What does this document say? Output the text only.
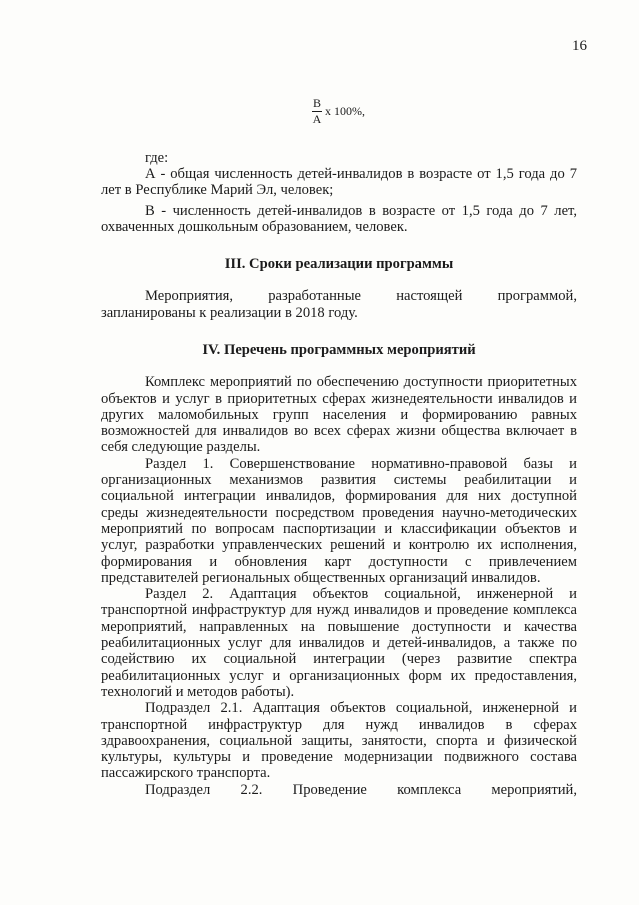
16
$\frac{В}{А}$ x 100%,

где:

А - общая численность детей-инвалидов в возрасте от 1,5 года до 7 лет в Республике Марий Эл, человек;

В - численность детей-инвалидов в возрасте от 1,5 года до 7 лет, охваченных дошкольным образованием, человек.

III. Сроки реализации программы

Мероприятия, разработанные настоящей программой, запланированы к реализации в 2018 году.

IV. Перечень программных мероприятий

Комплекс мероприятий по обеспечению доступности приоритетных объектов и услуг в приоритетных сферах жизнедеятельности инвалидов и других маломобильных групп населения и формированию равных возможностей для инвалидов во всех сферах жизни общества включает в себя следующие разделы.

Раздел 1. Совершенствование нормативно-правовой базы и организационных механизмов развития системы реабилитации и социальной интеграции инвалидов, формирования для них доступной среды жизнедеятельности посредством проведения научно-методических мероприятий по вопросам паспортизации и классификации объектов и услуг, разработки управленческих решений и контролю их исполнения, формирования и обновления карт доступности с привлечением представителей региональных общественных организаций инвалидов.

Раздел 2. Адаптация объектов социальной, инженерной и транспортной инфраструктур для нужд инвалидов и проведение комплекса мероприятий, направленных на повышение доступности и качества реабилитационных услуг для инвалидов и детей-инвалидов, а также по содействию их социальной интеграции (через развитие спектра реабилитационных услуг и организационных форм их предоставления, технологий и методов работы).

Подраздел 2.1. Адаптация объектов социальной, инженерной и транспортной инфраструктур для нужд инвалидов в сферах здравоохранения, социальной защиты, занятости, спорта и физической культуры, культуры и проведение модернизации подвижного состава пассажирского транспорта.

Подраздел 2.2. Проведение комплекса мероприятий,
